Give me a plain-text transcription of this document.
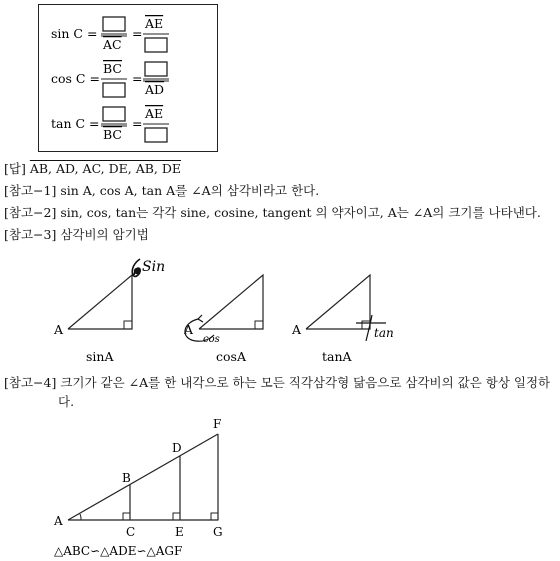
sin C =
AC
=
AE
cos C =
BC
=
AD
tan C =
BC
=
AE
[답] AB, AD, AC, DE, AB, DE
[참고−1] sin A, cos A, tan A를 ∠A의 삼각비라고 한다.
[참고−2] sin, cos, tan는 각각 sine, cosine, tangent 의 약자이고, A는 ∠A의 크기를 나타낸다.
[참고−3] 삼각비의 암기법
A
Sin
sinA
A
cos
cosA
A	tan
tanA
[참고−4] 크기가 같은 ∠A를 한 내각으로 하는 모든 직각삼각형 닮음으로 삼각비의 값은 항상 일정하
다.
A
B
C
D
E
F
G
△ABC∽△ADE∽△AGF
